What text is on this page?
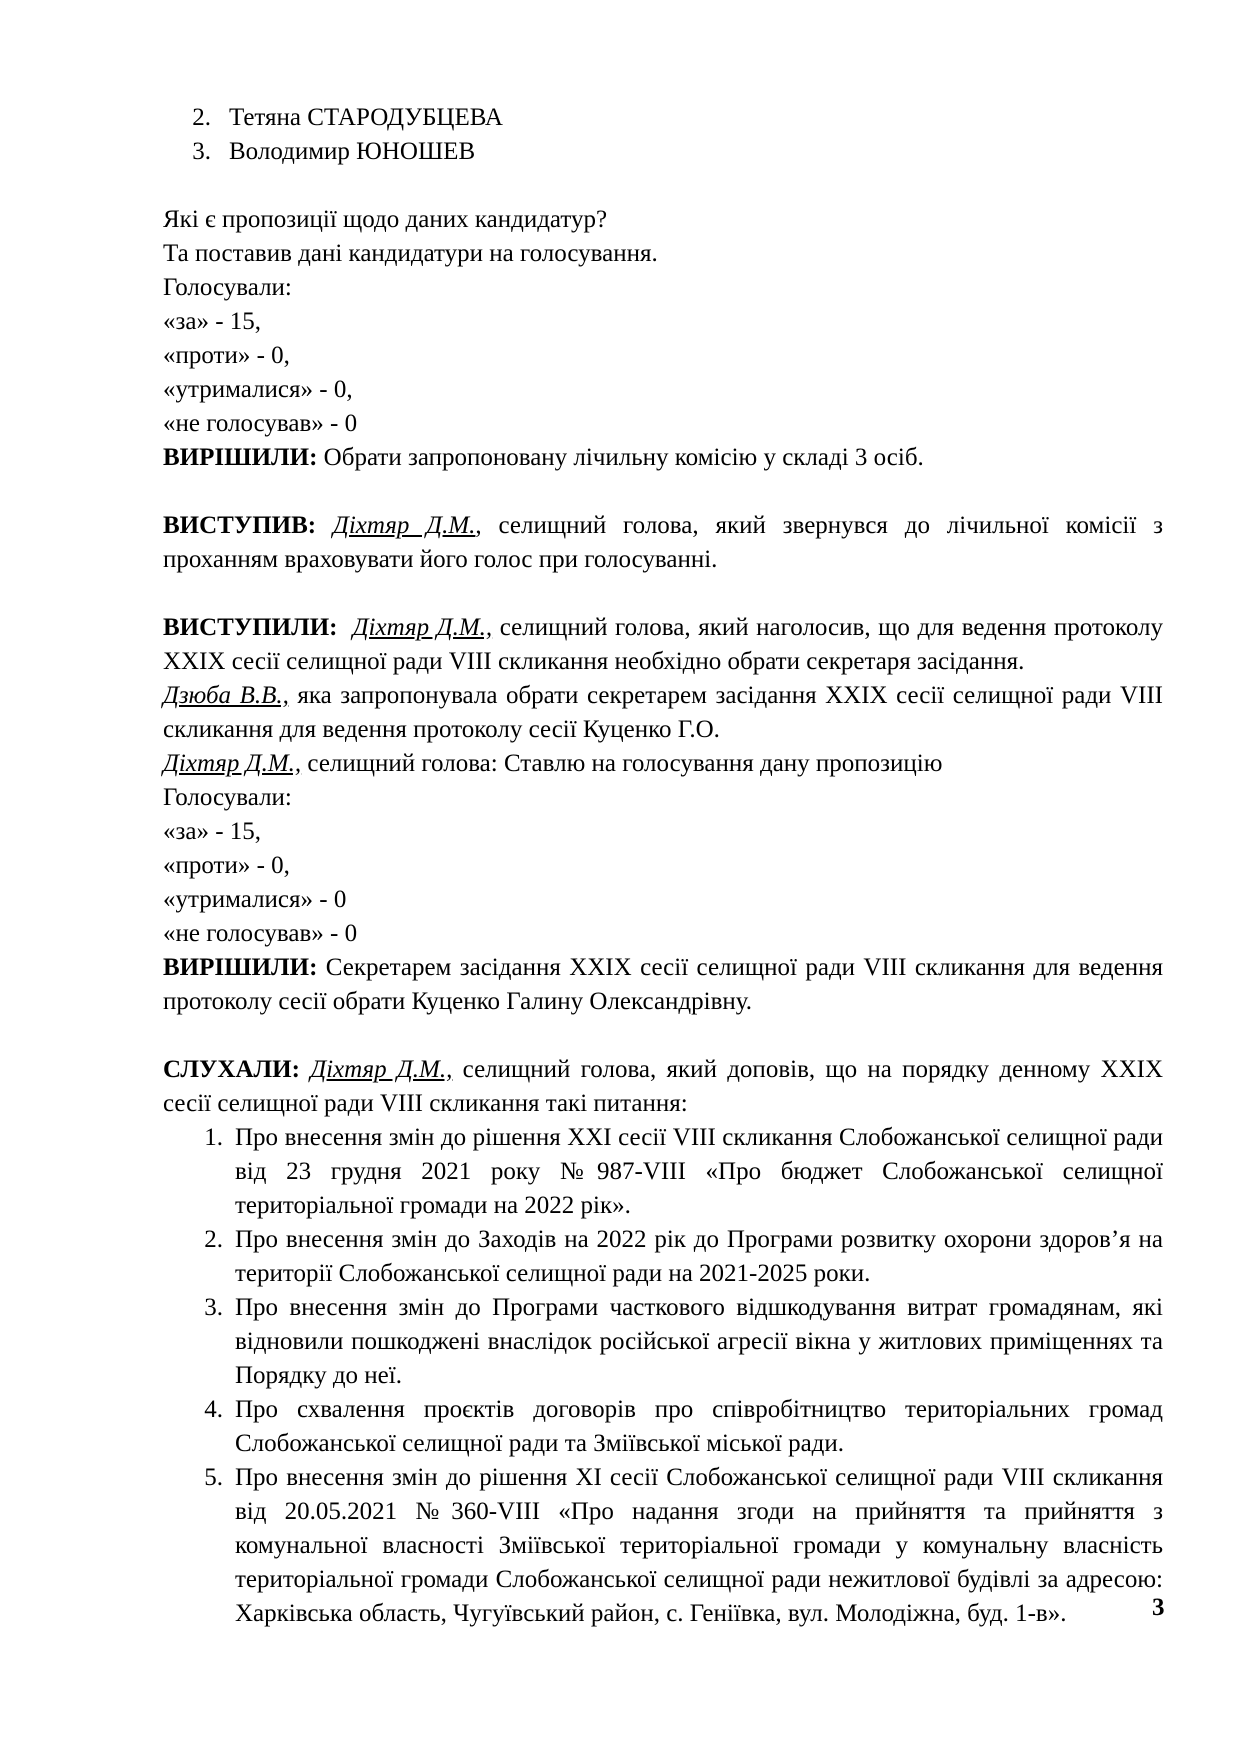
2. Тетяна СТАРОДУБЦЕВА
3. Володимир ЮНОШЕВ
Які є пропозиції щодо даних кандидатур?
Та поставив дані кандидатури на голосування.
Голосували:
«за» - 15,
«проти» - 0,
«утрималися» - 0,
«не голосував» - 0
ВИРІШИЛИ: Обрати запропоновану лічильну комісію у складі 3 осіб.
ВИСТУПИВ: Діхтяр Д.М., селищний голова, який звернувся до лічильної комісії з проханням враховувати його голос при голосуванні.
ВИСТУПИЛИ: Діхтяр Д.М., селищний голова, який наголосив, що для ведення протоколу XXIX сесії селищної ради VIII скликання необхідно обрати секретаря засідання.
Дзюба В.В., яка запропонувала обрати секретарем засідання XXIX сесії селищної ради VIII скликання для ведення протоколу сесії Куценко Г.О.
Діхтяр Д.М., селищний голова: Ставлю на голосування дану пропозицію
Голосували:
«за» - 15,
«проти» - 0,
«утрималися» - 0
«не голосував» - 0
ВИРІШИЛИ: Секретарем засідання XXIX сесії селищної ради VIII скликання для ведення протоколу сесії обрати Куценко Галину Олександрівну.
СЛУХАЛИ: Діхтяр Д.М., селищний голова, який доповів, що на порядку денному XXIX сесії селищної ради VIII скликання такі питання:
1. Про внесення змін до рішення XXI сесії VIII скликання Слобожанської селищної ради від 23 грудня 2021 року №987-VIII «Про бюджет Слобожанської селищної територіальної громади на 2022 рік».
2. Про внесення змін до Заходів на 2022 рік до Програми розвитку охорони здоров’я на території Слобожанської селищної ради на 2021-2025 роки.
3. Про внесення змін до Програми часткового відшкодування витрат громадянам, які відновили пошкоджені внаслідок російської агресії вікна у житлових приміщеннях та Порядку до неї.
4. Про схвалення проєктів договорів про співробітництво територіальних громад Слобожанської селищної ради та Зміївської міської ради.
5. Про внесення змін до рішення XI сесії Слобожанської селищної ради VIII скликання від 20.05.2021 №360-VIII «Про надання згоди на прийняття та прийняття з комунальної власності Зміївської територіальної громади у комунальну власність територіальної громади Слобожанської селищної ради нежитлової будівлі за адресою: Харківська область, Чугуївський район, с. Геніївка, вул. Молодіжна, буд. 1-в».	3
